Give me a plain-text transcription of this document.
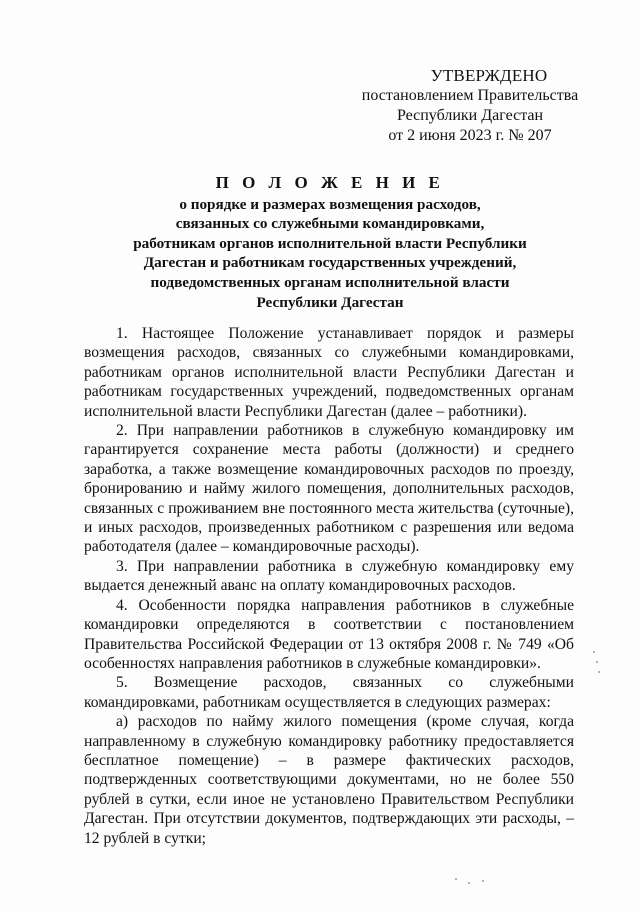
УТВЕРЖДЕНО
постановлением Правительства
Республики Дагестан
от 2 июня 2023 г. № 207
П О Л О Ж Е Н И Е
о порядке и размерах возмещения расходов,
связанных со служебными командировками,
работникам органов исполнительной власти Республики
Дагестан и работникам государственных учреждений,
подведомственных органам исполнительной власти
Республики Дагестан

1. Настоящее Положение устанавливает порядок и размеры возмещения расходов, связанных со служебными командировками, работникам органов исполнительной власти Республики Дагестан и работникам государственных учреждений, подведомственных органам исполнительной власти Республики Дагестан (далее – работники).

2. При направлении работников в служебную командировку им гарантируется сохранение места работы (должности) и среднего заработка, а также возмещение командировочных расходов по проезду, бронированию и найму жилого помещения, дополнительных расходов, связанных с проживанием вне постоянного места жительства (суточные), и иных расходов, произведенных работником с разрешения или ведома работодателя (далее – командировочные расходы).

3. При направлении работника в служебную командировку ему выдается денежный аванс на оплату командировочных расходов.

4. Особенности порядка направления работников в служебные командировки определяются в соответствии с постановлением Правительства Российской Федерации от 13 октября 2008 г. № 749 «Об особенностях направления работников в служебные командировки».

5. Возмещение расходов, связанных со служебными командировками, работникам осуществляется в следующих размерах:

а) расходов по найму жилого помещения (кроме случая, когда направленному в служебную командировку работнику предоставляется бесплатное помещение) – в размере фактических расходов, подтвержденных соответствующими документами, но не более 550 рублей в сутки, если иное не установлено Правительством Республики Дагестан. При отсутствии документов, подтверждающих эти расходы, – 12 рублей в сутки;
